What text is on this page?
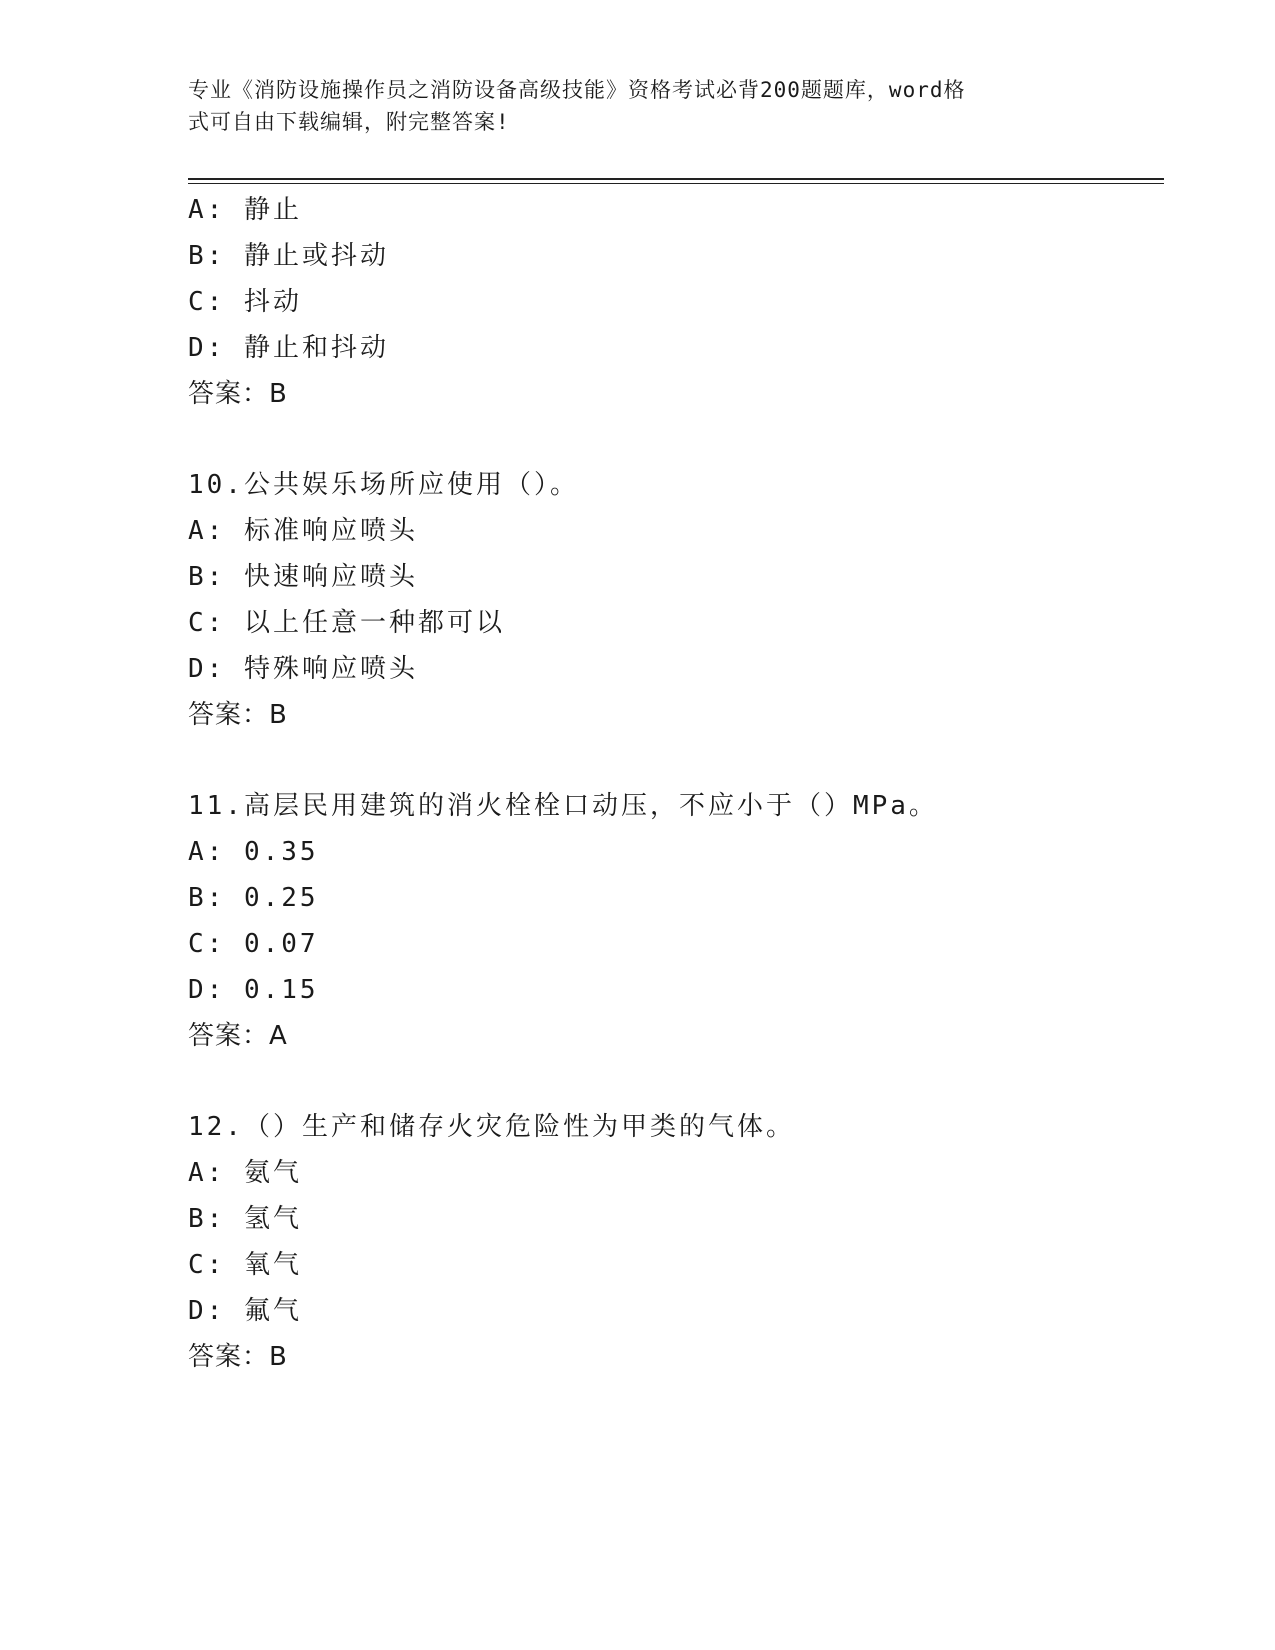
专业《消防设施操作员之消防设备高级技能》资格考试必背200题题库，word格
式可自由下载编辑，附完整答案!
A: 静止
B: 静止或抖动
C: 抖动
D: 静止和抖动
答案：B
10.公共娱乐场所应使用（）。
A: 标准响应喷头
B: 快速响应喷头
C: 以上任意一种都可以
D: 特殊响应喷头
答案：B
11.高层民用建筑的消火栓栓口动压，不应小于（）MPa。
A: 0.35
B: 0.25
C: 0.07
D: 0.15
答案：A
12.（）生产和储存火灾危险性为甲类的气体。
A: 氨气
B: 氢气
C: 氧气
D: 氟气
答案：B
